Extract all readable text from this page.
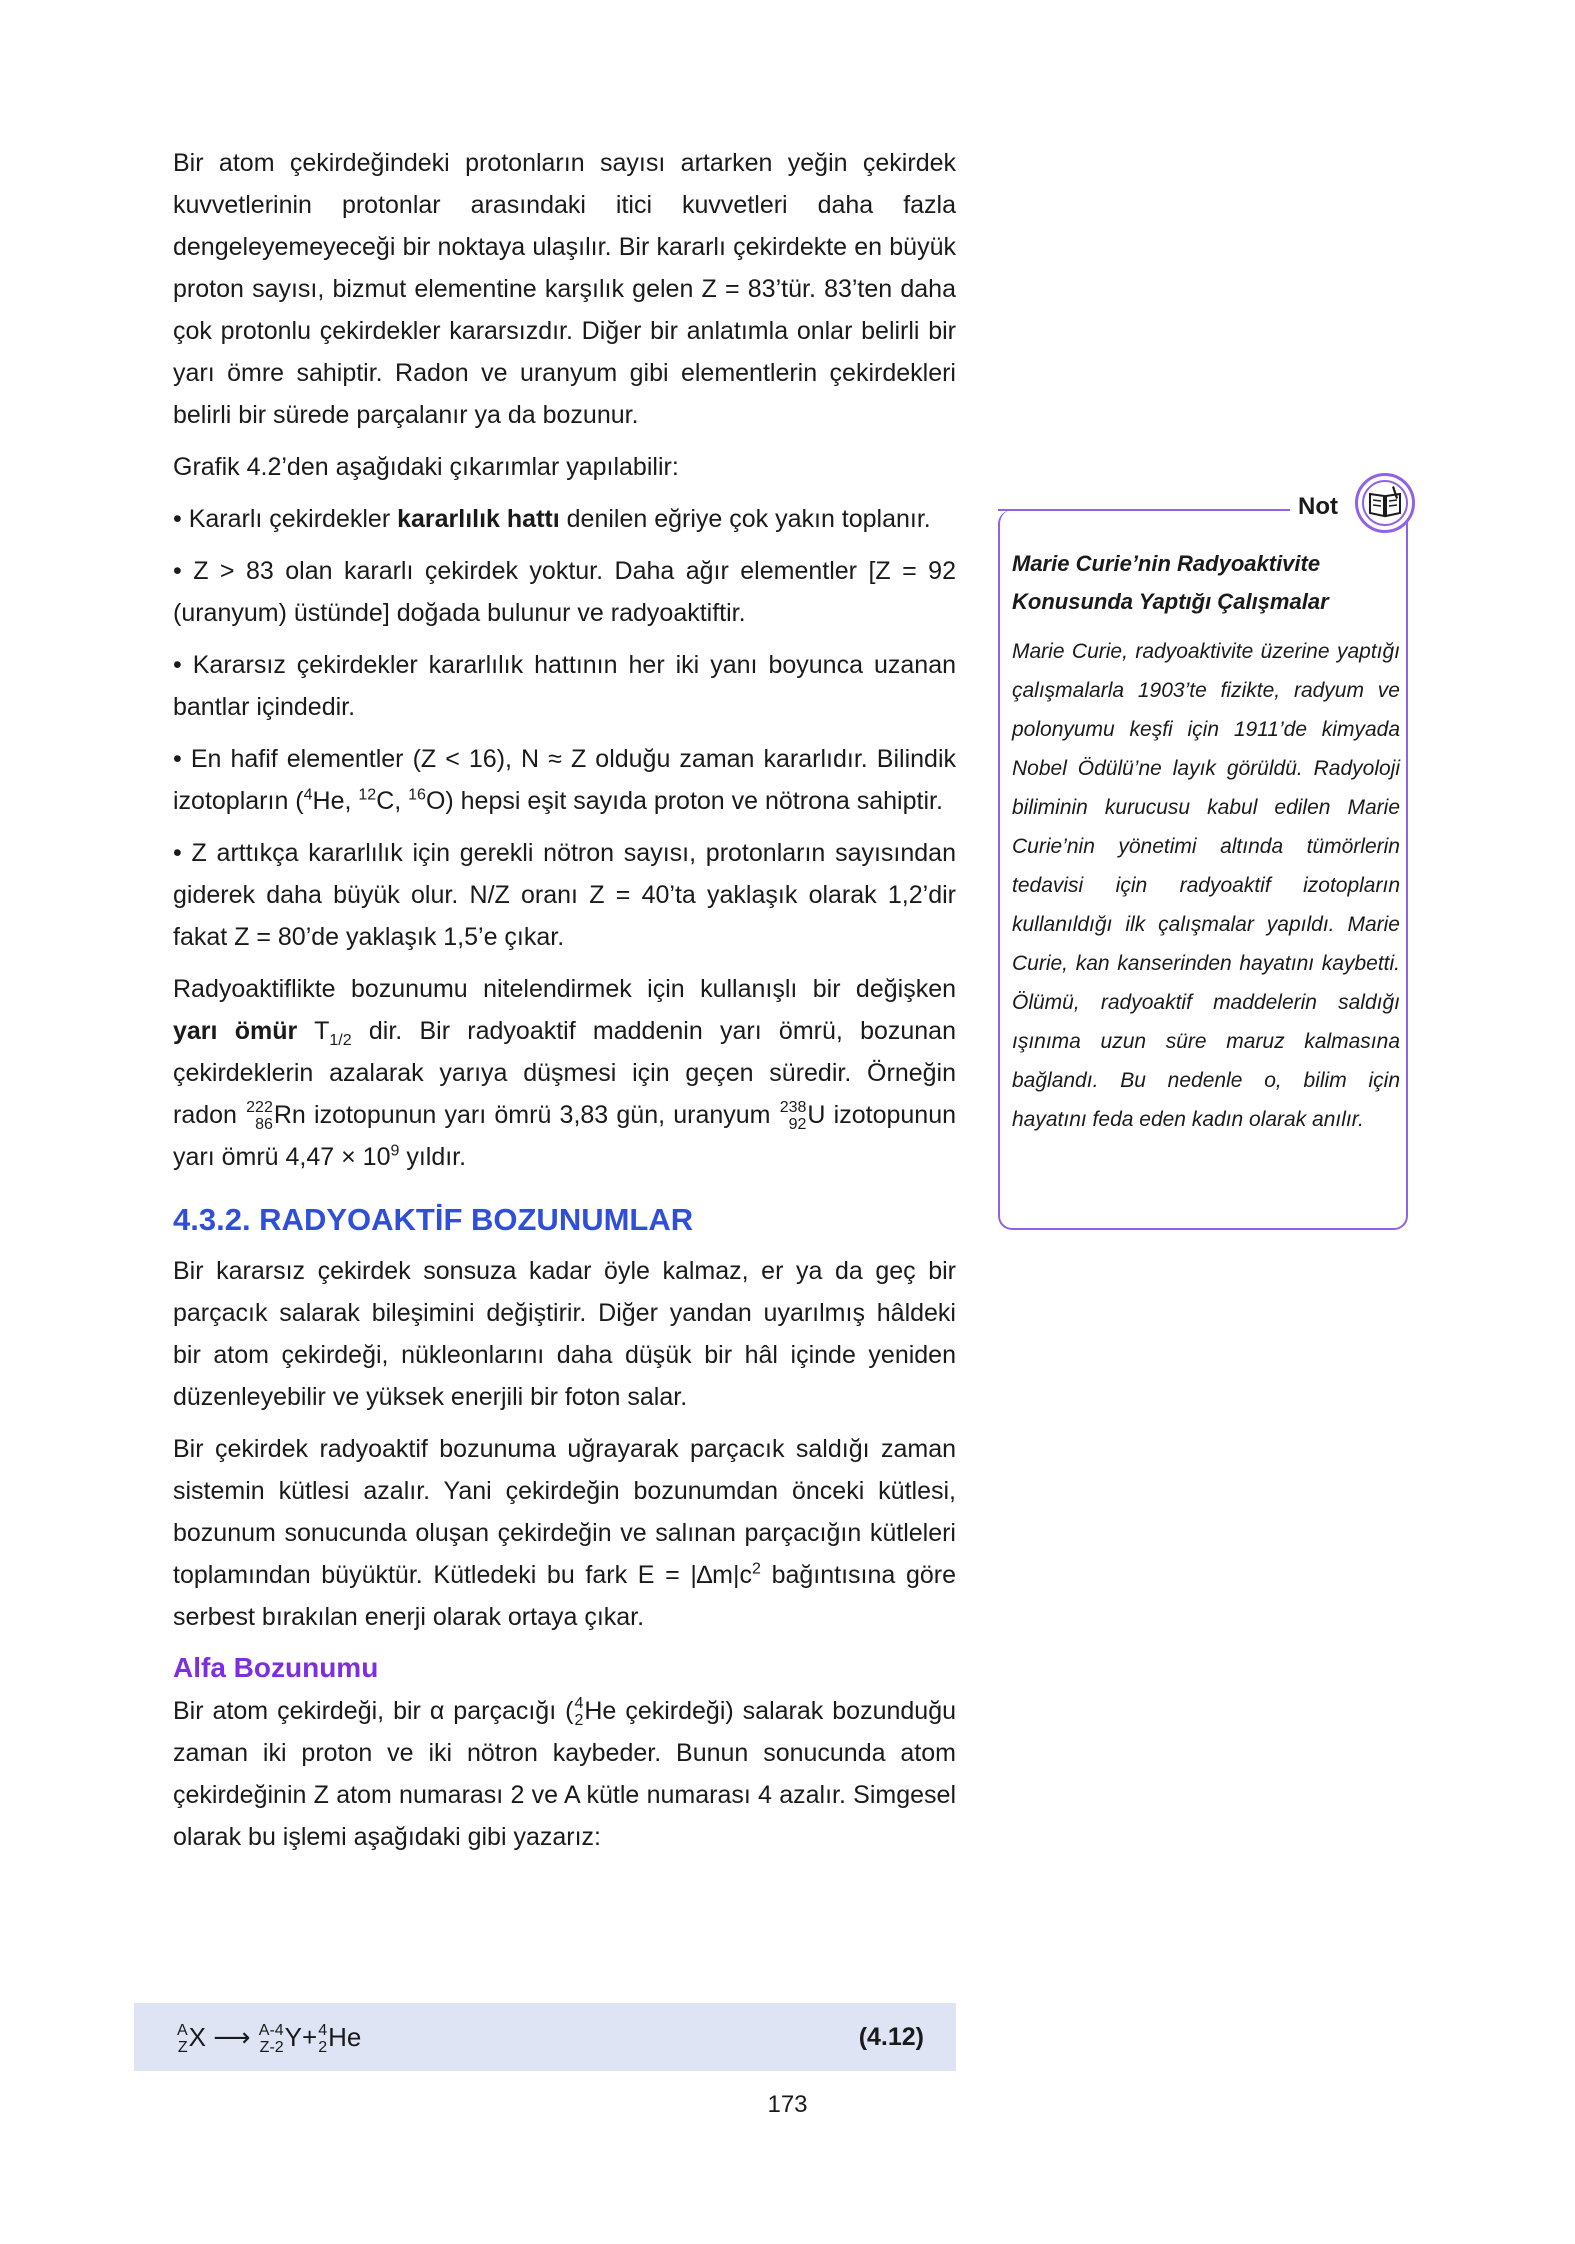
Bir atom çekirdeğindeki protonların sayısı artarken yeğin çekirdek kuvvetlerinin protonlar arasındaki itici kuvvetleri daha fazla dengeleyemeyeceği bir noktaya ulaşılır. Bir kararlı çekirdekte en büyük proton sayısı, bizmut elementine karşılık gelen Z = 83’tür. 83’ten daha çok protonlu çekirdekler kararsızdır. Diğer bir anlatımla onlar belirli bir yarı ömre sahiptir. Radon ve uranyum gibi elementlerin çekirdekleri belirli bir sürede parçalanır ya da bozunur.

Grafik 4.2’den aşağıdaki çıkarımlar yapılabilir:

• Kararlı çekirdekler kararlılık hattı denilen eğriye çok yakın toplanır.

• Z > 83 olan kararlı çekirdek yoktur. Daha ağır elementler [Z = 92 (uranyum) üstünde] doğada bulunur ve radyoaktiftir.

• Kararsız çekirdekler kararlılık hattının her iki yanı boyunca uzanan bantlar içindedir.

• En hafif elementler (Z < 16), N ≈ Z olduğu zaman kararlıdır. Bilindik izotopların ($^4$He, $^{12}$C, $^{16}$O) hepsi eşit sayıda proton ve nötrona sahiptir.

• Z arttıkça kararlılık için gerekli nötron sayısı, protonların sayısından giderek daha büyük olur. N/Z oranı Z = 40’ta yaklaşık olarak 1,2’dir fakat Z = 80’de yaklaşık 1,5’e çıkar.

Radyoaktiflikte bozunumu nitelendirmek için kullanışlı bir değişken yarı ömür $T_{1/2}$ dir. Bir radyoaktif maddenin yarı ömrü, bozunan çekirdeklerin azalarak yarıya düşmesi için geçen süredir. Örneğin radon 222
86 Rn izotopunun yarı ömrü 3,83 gün, uranyum 238
92 U izotopunun yarı ömrü $4,47 \times 10^9$ yıldır.

4.3.2. RADYOAKTİF BOZUNUMLAR

Bir kararsız çekirdek sonsuza kadar öyle kalmaz, er ya da geç bir parçacık salarak bileşimini değiştirir. Diğer yandan uyarılmış hâldeki bir atom çekirdeği, nükleonlarını daha düşük bir hâl içinde yeniden düzenleyebilir ve yüksek enerjili bir foton salar.

Bir çekirdek radyoaktif bozunuma uğrayarak parçacık saldığı zaman sistemin kütlesi azalır. Yani çekirdeğin bozunumdan önceki kütlesi, bozunum sonucunda oluşan çekirdeğin ve salınan parçacığın kütleleri toplamından büyüktür. Kütledeki bu fark $E = |\Delta m|c^2$ bağıntısına göre serbest bırakılan enerji olarak ortaya çıkar.

Alfa Bozunumu

Bir atom çekirdeği, bir α parçacığı ( 4
2 He çekirdeği) salarak bozunduğu zaman iki proton ve iki nötron kaybeder. Bunun sonucunda atom çekirdeğinin Z atom numarası 2 ve A kütle numarası 4 azalır. Simgesel olarak bu işlemi aşağıdaki gibi yazarız:

A
Z X ⟶ A-4
Z-2 Y+ 4
2 He	(4.12)
173
Not
Marie Curie’nin Radyoaktivite Konusunda Yaptığı Çalışmalar
Marie Curie, radyoaktivite üzerine yaptığı çalışmalarla 1903’te fizikte, radyum ve polonyumu keşfi için 1911’de kimyada Nobel Ödülü’ne layık görüldü. Radyoloji biliminin kurucusu kabul edilen Marie Curie’nin yönetimi altında tümörlerin tedavisi için radyoaktif izotopların kullanıldığı ilk çalışmalar yapıldı. Marie Curie, kan kanserinden hayatını kaybetti. Ölümü, radyoaktif maddelerin saldığı ışınıma uzun süre maruz kalmasına bağlandı. Bu nedenle o, bilim için hayatını feda eden kadın olarak anılır.
